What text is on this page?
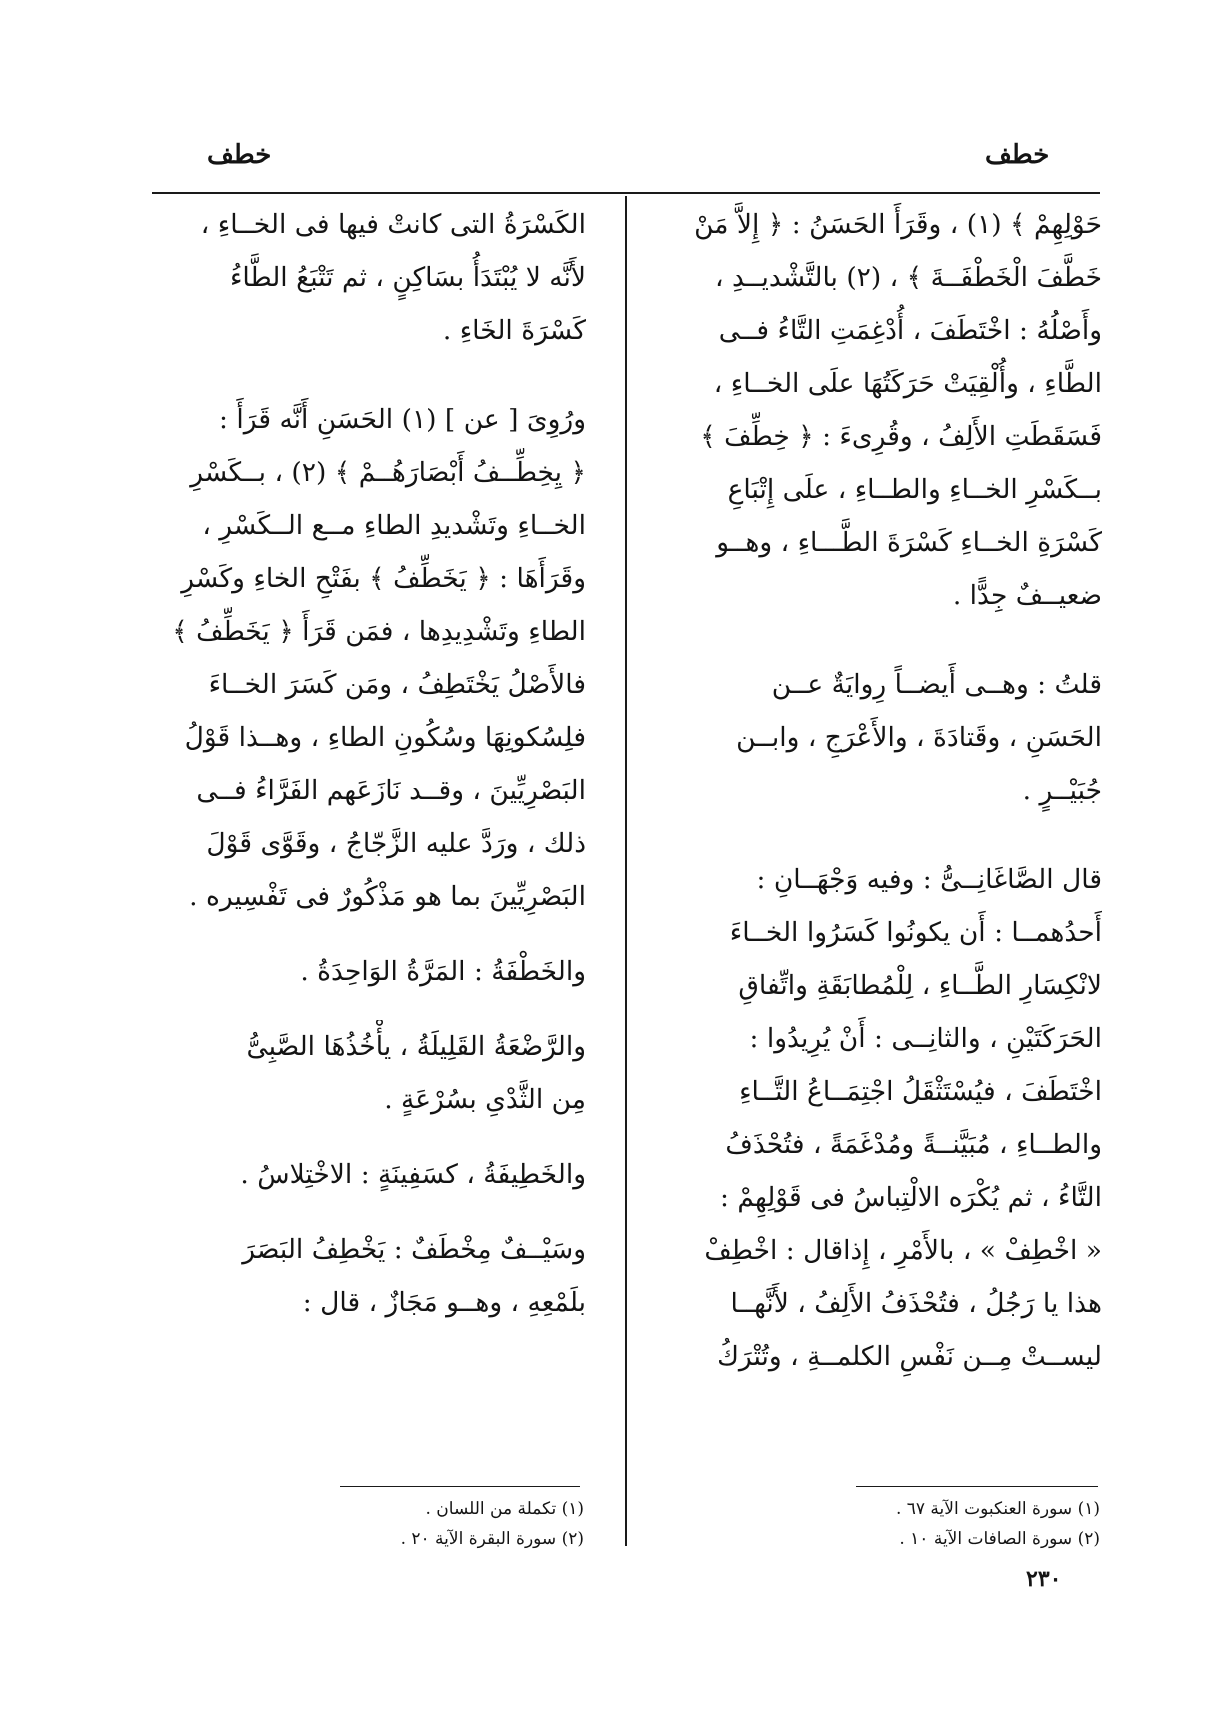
خطف
خطف
حَوْلِهِمْ ﴾ (١) ، وقَرَأَ الحَسَنُ : ﴿ إِلاَّ مَنْ
خَطَّفَ الْخَطْفَــةَ ﴾ ، (٢) بالتَّشْديــدِ ،
وأَصْلُهُ : اخْتَطَفَ ، أُدْغِمَتِ التَّاءُ فــى
الطَّاءِ ، وأُلْقِيَتْ حَرَكَتُهَا علَى الخــاءِ ،
فَسَقَطَتِ الأَلِفُ ، وقُرِىءَ : ﴿ خِطِّفَ ﴾
بــكَسْرِ الخــاءِ والطــاءِ ، علَى إِتْبَاعِ
كَسْرَةِ الخــاءِ كَسْرَةَ الطَّـــاءِ ، وهــو
ضعيــفٌ جِدًّا .
قلتُ : وهــى أَيضــاً رِوايَةٌ عــن
الحَسَنِ ، وقَتادَةَ ، والأَعْرَجِ ، وابــن
جُبَيْــرٍ .
قال الصَّاغَانِــىُّ : وفيه وَجْهَــانِ :
أَحدُهمــا : أَن يكونُوا كَسَرُوا الخــاءَ
لانْكِسَارِ الطَّــاءِ ، لِلْمُطابَقَةِ واتِّفاقِ
الحَرَكَتَيْنِ ، والثانِــى : أَنْ يُرِيدُوا :
اخْتَطَفَ ، فيُسْتَثْقَلُ اجْتِمَــاعُ التَّــاءِ
والطــاءِ ، مُبَيَّنــةً ومُدْغَمَةً ، فتُحْذَفُ
التَّاءُ ، ثم يُكْرَه الالْتِباسُ فى قَوْلِهِمْ :
« اخْطِفْ » ، بالأَمْرِ ، إِذاقال : اخْطِفْ
هذا يا رَجُلُ ، فتُحْذَفُ الأَلِفُ ، لأَنَّهــا
ليســتْ مِــن نَفْسِ الكلمــةِ ، وتُتْرَكُ
الكَسْرَةُ التى كانتْ فيها فى الخــاءِ ،
لأَنَّه لا يُبْتَدَأُ بسَاكِنٍ ، ثم تَتْبَعُ الطَّاءُ
كَسْرَةَ الخَاءِ .
ورُوِىَ [ عن ] (١) الحَسَنِ أَنَّه قَرَأَ :
﴿ يِخِطِّــفُ أَبْصَارَهُــمْ ﴾ (٢) ، بــكَسْرِ
الخــاءِ وتَشْديدِ الطاءِ مــع الــكَسْرِ ،
وقَرَأَهَا : ﴿ يَخَطِّفُ ﴾ بفَتْحِ الخاءِ وكَسْرِ
الطاءِ وتَشْدِيدِها ، فمَن قَرَأَ ﴿ يَخَطِّفُ ﴾
فالأَصْلُ يَخْتَطِفُ ، ومَن كَسَرَ الخــاءَ
فلِسُكونِهَا وسُكُونِ الطاءِ ، وهــذا قَوْلُ
البَصْرِيِّينَ ، وقــد نَازَعَهم الفَرَّاءُ فــى
ذلك ، ورَدَّ عليه الزَّجّاجُ ، وقَوَّى قَوْلَ
البَصْرِيِّينَ بما هو مَذْكُورٌ فى تَفْسِيره .
والخَطْفَةُ : المَرَّةُ الوَاحِدَةُ .
والرَّضْعَةُ القَلِيلَةُ ، يأْخُذُهَا الصَّبِىُّ
مِن الثَّدْىِ بسُرْعَةٍ .
والخَطِيفَةُ ، كسَفِينَةٍ : الاخْتِلاسُ .
وسَيْــفٌ مِخْطَفٌ : يَخْطِفُ البَصَرَ
بلَمْعِهِ ، وهــو مَجَازٌ ، قال :
(١) سورة العنكبوت الآية ٦٧ .
(٢) سورة الصافات الآية ١٠ .
(١) تكملة من اللسان .
(٢) سورة البقرة الآية ٢٠ .
٢٣٠
